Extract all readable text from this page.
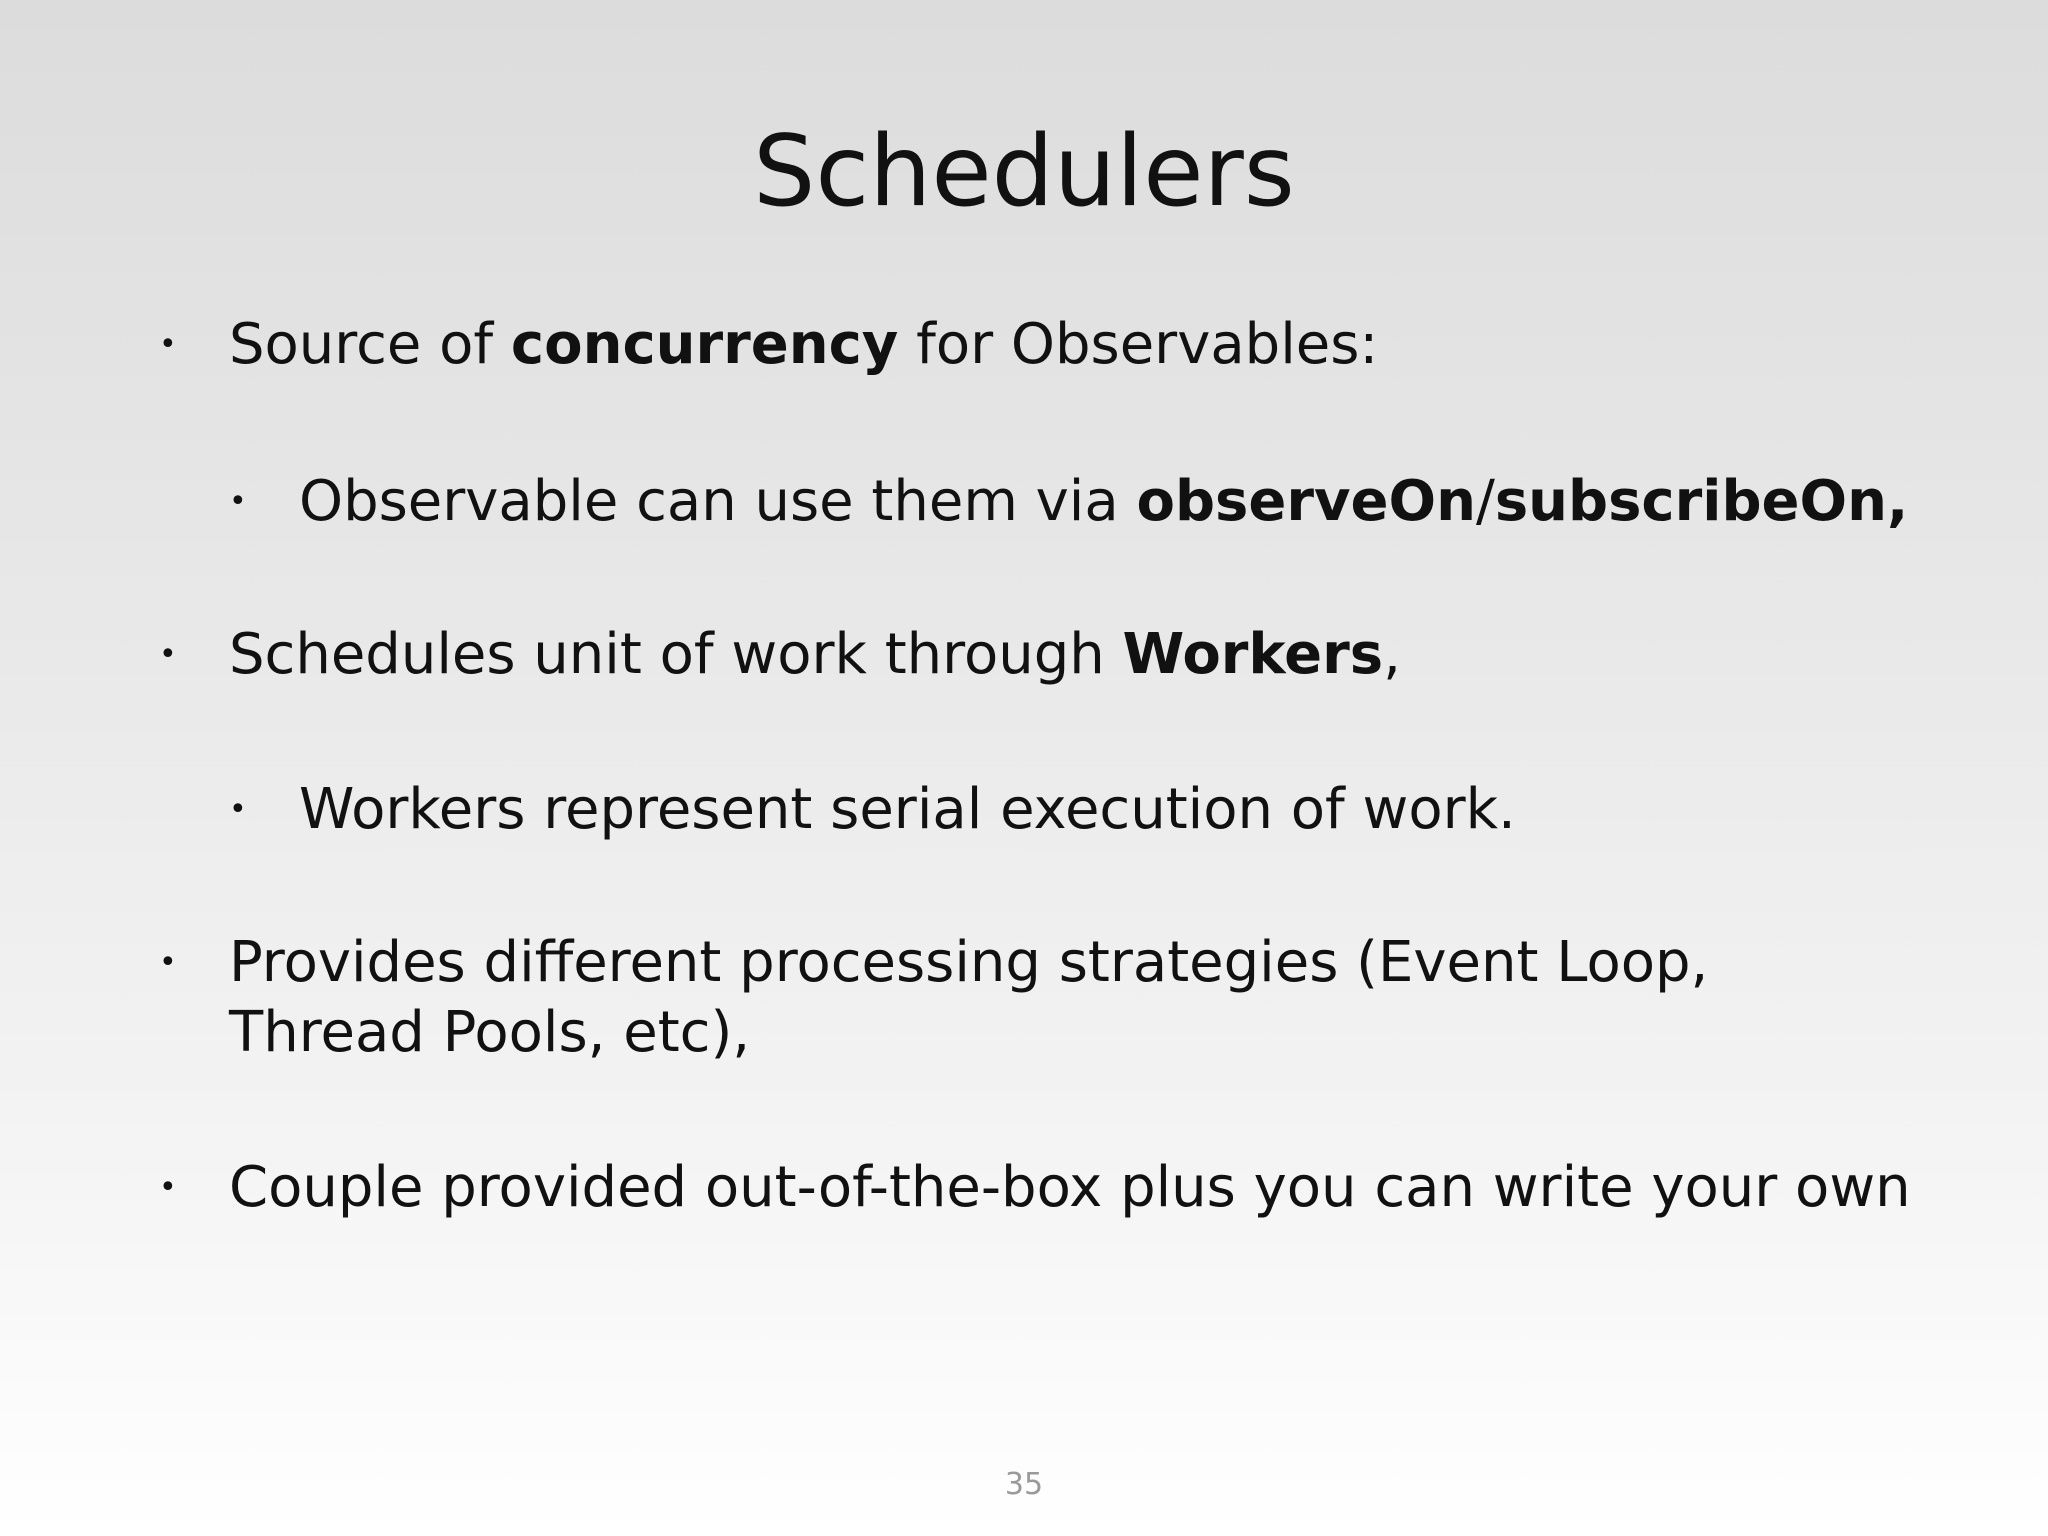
Schedulers
• Source of concurrency for Observables:
• Observable can use them via observeOn/subscribeOn,
• Schedules unit of work through Workers,
• Workers represent serial execution of work.
• Provides different processing strategies (Event Loop, Thread Pools, etc),
• Couple provided out-of-the-box plus you can write your own
35
